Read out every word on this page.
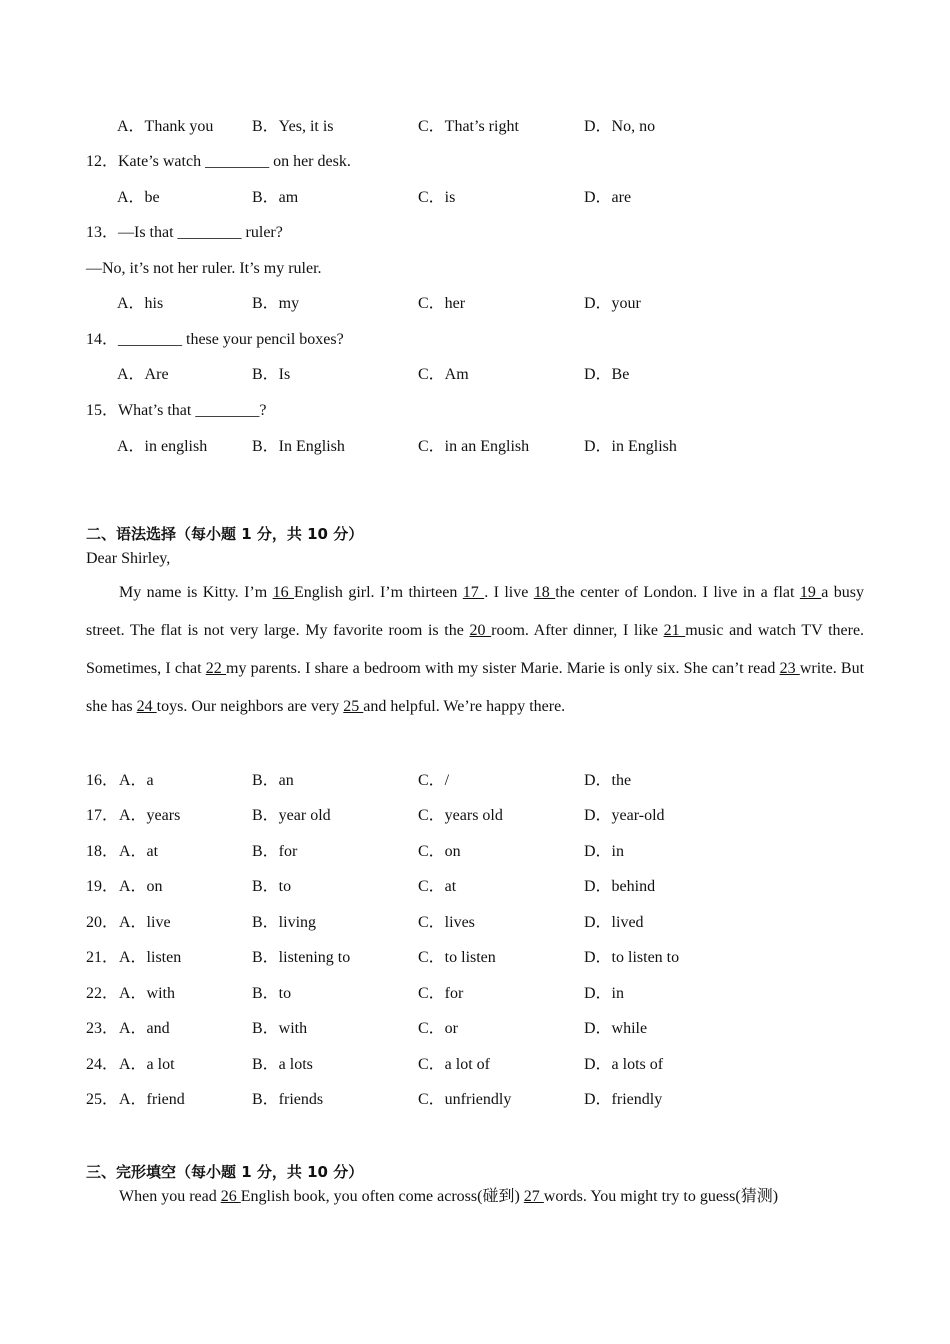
A．Thank you B．Yes, it is	C．That’s right	D．No, no
12．Kate’s watch ________ on her desk.
A．be	B．am	C．is	D．are
13．—Is that ________ ruler?
—No, it’s not her ruler. It’s my ruler.
A．his	B．my	C．her	D．your
14．________ these your pencil boxes?
A．Are	B．Is	C．Am	D．Be
15．What’s that ________?
A．in english	B．In English	C．in an English	D．in English
二、语法选择（每小题 1 分，共 10 分）
Dear Shirley,
My name is Kitty. I’m 16 English girl. I’m thirteen 17 . I live 18 the center of London. I live in a flat 19 a busy street. The flat is not very large. My favorite room is the 20 room. After dinner, I like 21 music and watch TV there. Sometimes, I chat 22 my parents. I share a bedroom with my sister Marie. Marie is only six. She can’t read 23 write. But she has 24 toys. Our neighbors are very 25 and helpful. We’re happy there.
16． A．a	B．an	C．/	D．the
17． A．years	B．year old	C．years old	D．year-old
18． A．at	B．for	C．on	D．in
19． A．on	B．to	C．at	D．behind
20． A．live	B．living	C．lives	D．lived
21． A．listen	B．listening to	C．to listen	D．to listen to
22． A．with	B．to	C．for	D．in
23． A．and	B．with	C．or	D．while
24． A．a lot	B．a lots	C．a lot of	D．a lots of
25． A．friend	B．friends	C．unfriendly	D．friendly
三、完形填空（每小题 1 分，共 10 分）
When you read 26 English book, you often come across(碰到) 27 words. You might try to guess(猜测)
